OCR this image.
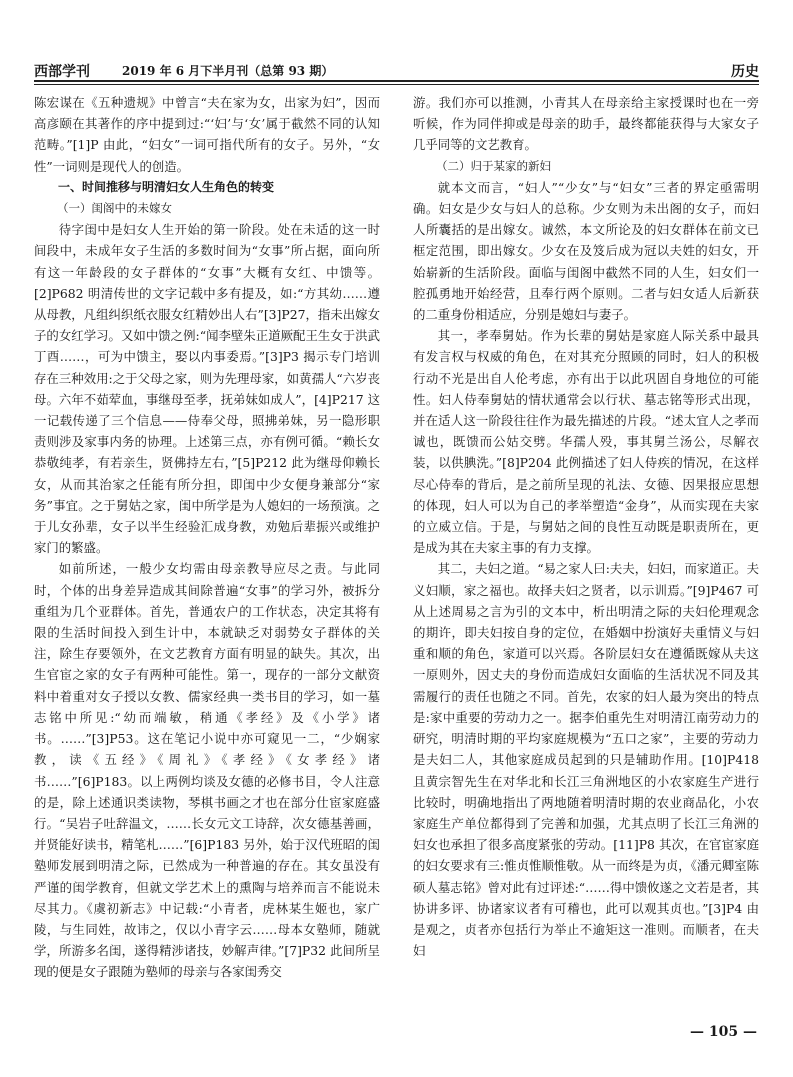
西部学刊	2019 年 6 月下半月刊（总第 93 期）	历史

陈宏谋在《五种遗规》中曾言“夫在家为女，出家为妇”，因而高彦颐在其著作的序中提到过:“‘妇’与‘女’属于截然不同的认知范畴。”[1]P 由此，“妇女”一词可指代所有的女子。另外，“女性”一词则是现代人的创造。

一、时间推移与明清妇女人生角色的转变

（一）闺阁中的未嫁女

待字闺中是妇女人生开始的第一阶段。处在未适的这一时间段中，未成年女子生活的多数时间为“女事”所占据，面向所有这一年龄段的女子群体的“女事”大概有女红、中馈等。[2]P682 明清传世的文字记载中多有提及，如:“方其幼……遵从母教，凡组纠织纸衣服女红精妙出人右”[3]P27，指未出嫁女子的女红学习。又如中馈之例:“闻李壁朱正道厥配王生女于洪武丁酉……，可为中馈主，娶以内事委焉。”[3]P3 揭示专门培训存在三种效用:之于父母之家，则为先理母家，如黄孺人“六岁丧母。六年不茹荤血，事继母至孝，抚弟妹如成人”，[4]P217 这一记载传递了三个信息——侍奉父母，照拂弟妹，另一隐形职责则涉及家事内务的协理。上述第三点，亦有例可循。“赖长女恭敬纯孝，有若亲生，贤佛持左右，”[5]P212 此为继母仰赖长女，从而其治家之任能有所分担，即闺中少女便身兼部分“家务”事宜。之于舅姑之家，闺中所学是为人媳妇的一场预演。之于儿女孙辈，女子以半生经验汇成身教，劝勉后辈振兴或维护家门的繁盛。

如前所述，一般少女均需由母亲教导应尽之责。与此同时，个体的出身差异造成其间除普遍“女事”的学习外，被拆分重组为几个亚群体。首先，普通农户的工作状态，决定其将有限的生活时间投入到生计中，本就缺乏对弱势女子群体的关注，除生存要领外，在文艺教育方面有明显的缺失。其次，出生官宦之家的女子有两种可能性。第一，现存的一部分文献资料中着重对女子授以女教、儒家经典一类书目的学习，如一墓志铭中所见:“幼而端敏，稍通《孝经》及《小学》诸书。……”[3]P53。这在笔记小说中亦可窥见一二，“少娴家教，读《五经》《周礼》《孝经》《女孝经》诸书……”[6]P183。以上两例均谈及女德的必修书目，令人注意的是，除上述通识类读物，琴棋书画之才也在部分仕宦家庭盛行。“吴岩子吐辞温文，……长女元文工诗辞，次女德基善画，并贤能好读书，精笔札……”[6]P183 另外，始于汉代班昭的闺塾师发展到明清之际，已然成为一种普遍的存在。其女虽没有严谨的闺学教育，但就文学艺术上的熏陶与培养而言不能说未尽其力。《虞初新志》中记载:“小青者，虎林某生姬也，家广陵，与生同姓，故讳之，仅以小青字云……母本女塾师，随就学，所游多名闺，遂得精涉诸技，妙解声律。”[7]P32 此间所呈现的便是女子跟随为塾师的母亲与各家闺秀交

游。我们亦可以推测，小青其人在母亲给主家授课时也在一旁听候，作为同伴抑或是母亲的助手，最终都能获得与大家女子几乎同等的文艺教育。

（二）归于某家的新妇

就本文而言，“妇人”“少女”与“妇女”三者的界定亟需明确。妇女是少女与妇人的总称。少女则为未出阁的女子，而妇人所囊括的是出嫁女。诚然，本文所论及的妇女群体在前文已框定范围，即出嫁女。少女在及笈后成为冠以夫姓的妇女，开始崭新的生活阶段。面临与闺阁中截然不同的人生，妇女们一腔孤勇地开始经营，且奉行两个原则。二者与妇女适人后新获的二重身份相适应，分别是媳妇与妻子。

其一，孝奉舅姑。作为长辈的舅姑是家庭人际关系中最具有发言权与权威的角色，在对其充分照顾的同时，妇人的积极行动不光是出自人伦考虑，亦有出于以此巩固自身地位的可能性。妇人侍奉舅姑的情状通常会以行状、墓志铭等形式出现，并在适人这一阶段往往作为最先描述的片段。“述太宜人之孝而诚也，既馈而公姑交劈。华孺人殁，事其舅兰汤公，尽解衣装，以供腆洗。”[8]P204 此例描述了妇人侍疾的情况，在这样尽心侍奉的背后，是之前所呈现的礼法、女德、因果报应思想的体现，妇人可以为自己的孝举塑造“金身”，从而实现在夫家的立威立信。于是，与舅姑之间的良性互动既是职责所在，更是成为其在夫家主事的有力支撑。

其二，夫妇之道。“易之家人曰:夫夫，妇妇，而家道正。夫义妇顺，家之福也。故择夫妇之贤者，以示训焉。”[9]P467 可从上述周易之言为引的文本中，析出明清之际的夫妇伦理观念的期许，即夫妇按自身的定位，在婚姻中扮演好夫重情义与妇重和顺的角色，家道可以兴焉。各阶层妇女在遵循既嫁从夫这一原则外，因丈夫的身份而造成妇女面临的生活状况不同及其需履行的责任也随之不同。首先，农家的妇人最为突出的特点是:家中重要的劳动力之一。据李伯重先生对明清江南劳动力的研究，明清时期的平均家庭规模为“五口之家”，主要的劳动力是夫妇二人，其他家庭成员起到的只是辅助作用。[10]P418 且黄宗智先生在对华北和长江三角洲地区的小农家庭生产进行比较时，明确地指出了两地随着明清时期的农业商品化，小农家庭生产单位都得到了完善和加强，尤其点明了长江三角洲的妇女也承担了很多高度紧张的劳动。[11]P8 其次，在官宦家庭的妇女要求有三:惟贞惟顺惟敬。从一而终是为贞，《潘元卿室陈硕人墓志铭》曾对此有过评述:“……得中馈攸遂之文若是者，其协讲多评、协诸家议者有可稽也，此可以观其贞也。”[3]P4 由是观之，贞者亦包括行为举止不逾矩这一准则。而顺者，在夫妇

— 105 —
